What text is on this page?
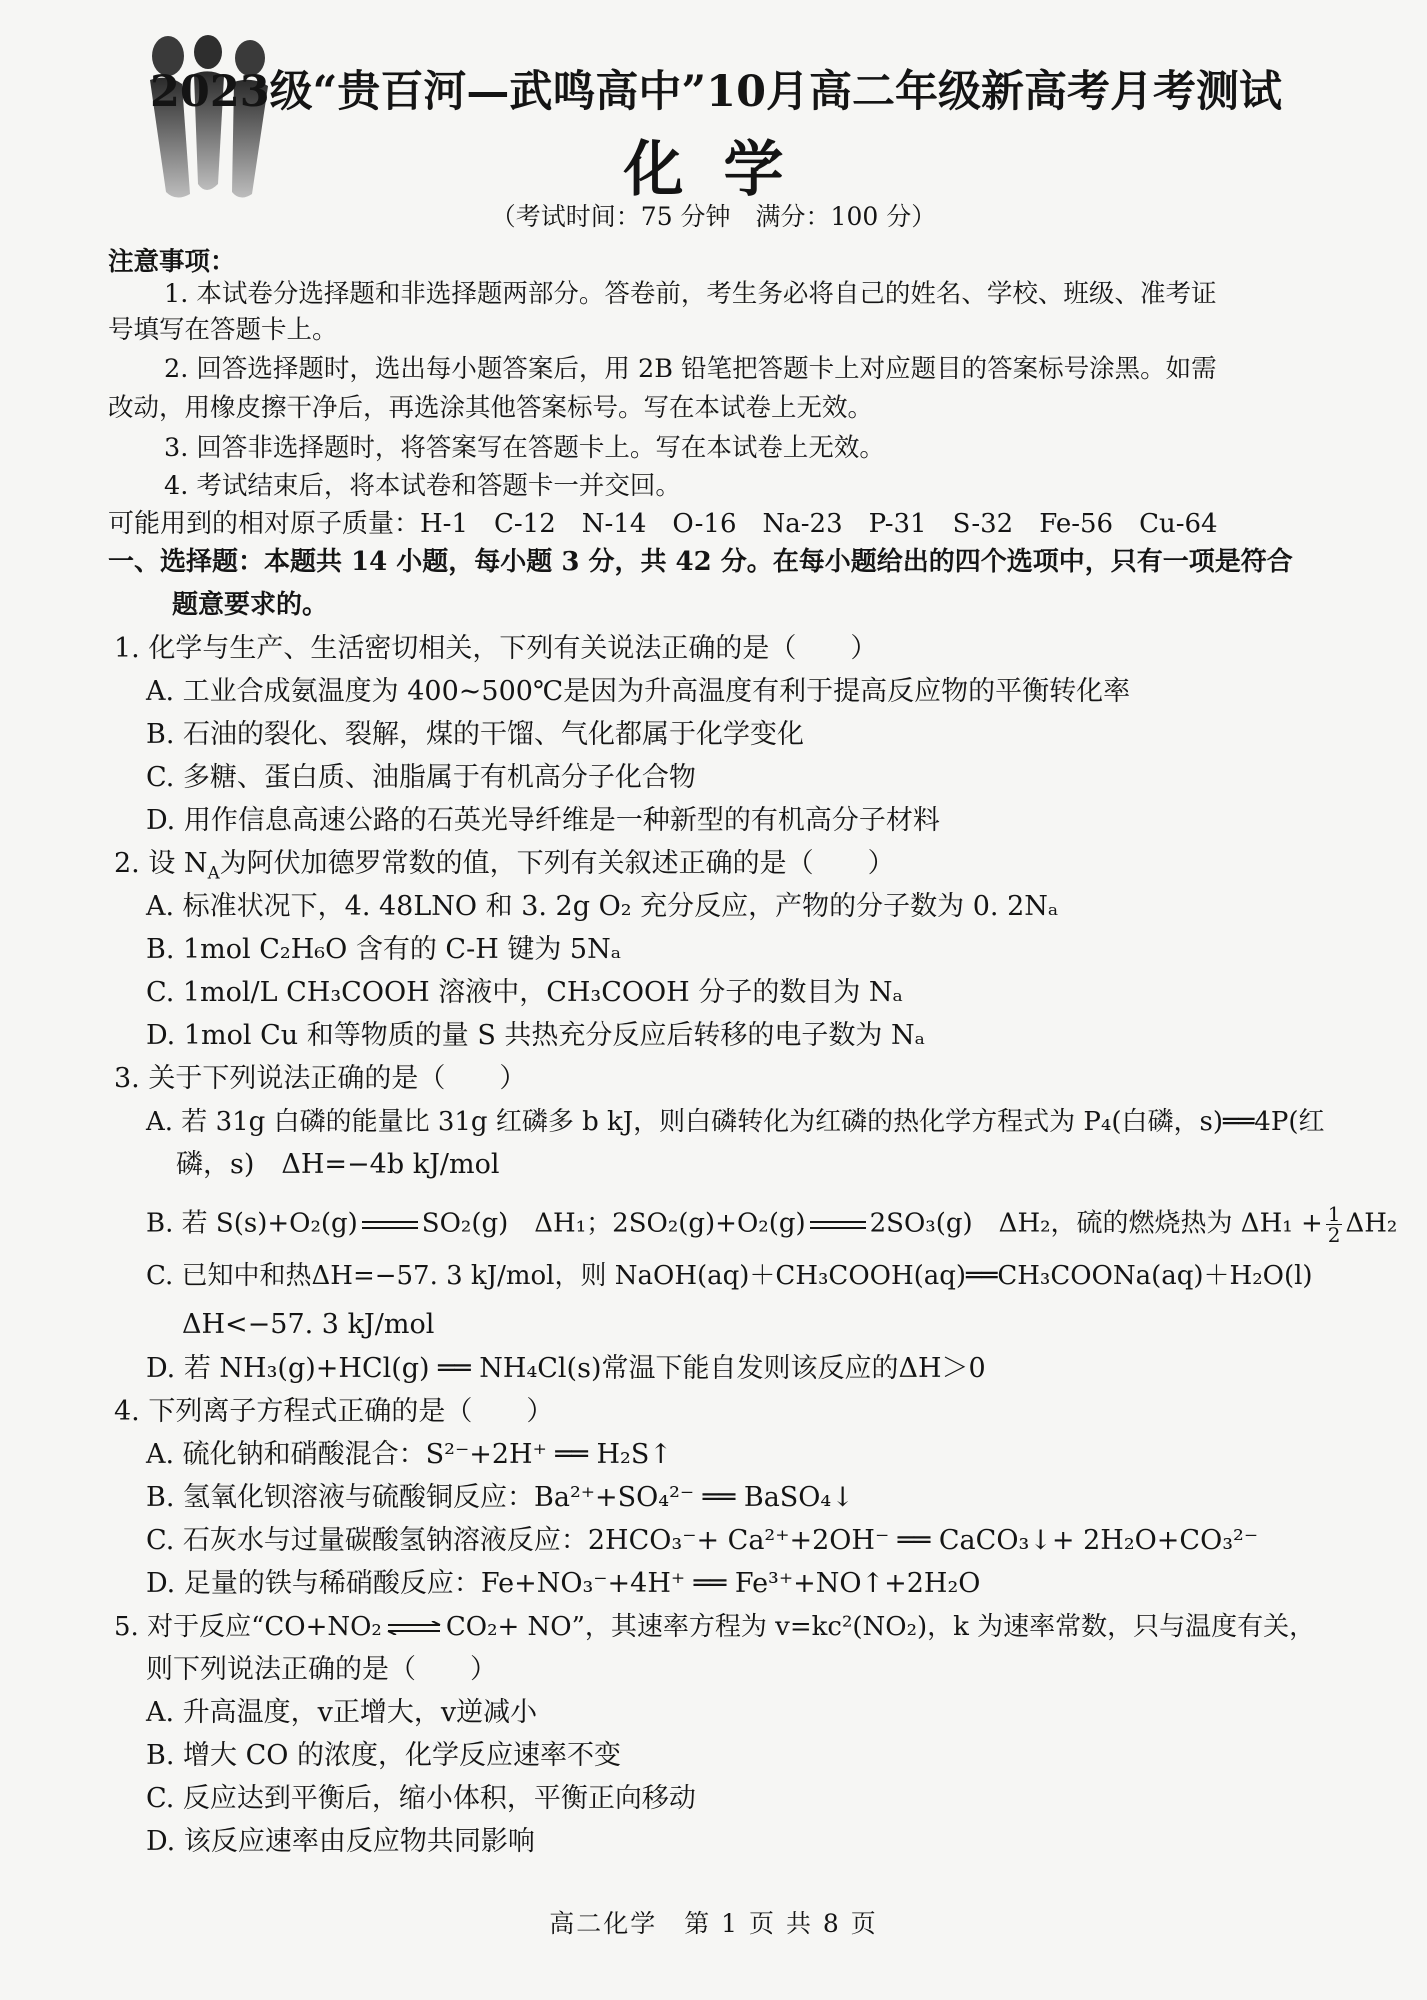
2023级“贵百河—武鸣高中”10月高二年级新高考月考测试
化学
（考试时间：75 分钟　满分：100 分）
注意事项：
1. 本试卷分选择题和非选择题两部分。答卷前，考生务必将自己的姓名、学校、班级、准考证
号填写在答题卡上。
2. 回答选择题时，选出每小题答案后，用 2B 铅笔把答题卡上对应题目的答案标号涂黑。如需
改动，用橡皮擦干净后，再选涂其他答案标号。写在本试卷上无效。
3. 回答非选择题时，将答案写在答题卡上。写在本试卷上无效。
4. 考试结束后，将本试卷和答题卡一并交回。
可能用到的相对原子质量：H-1　C-12　N-14　O-16　Na-23　P-31　S-32　Fe-56　Cu-64
一、选择题：本题共 14 小题，每小题 3 分，共 42 分。在每小题给出的四个选项中，只有一项是符合
题意要求的。
1. 化学与生产、生活密切相关，下列有关说法正确的是（　　）
A. 工业合成氨温度为 400~500℃是因为升高温度有利于提高反应物的平衡转化率
B. 石油的裂化、裂解，煤的干馏、气化都属于化学变化
C. 多糖、蛋白质、油脂属于有机高分子化合物
D. 用作信息高速公路的石英光导纤维是一种新型的有机高分子材料
2. 设 $N_A$为阿伏加德罗常数的值，下列有关叙述正确的是（　　）
A. 标准状况下，4. 48LNO 和 3. 2g O₂ 充分反应，产物的分子数为 0. 2Nₐ
B. 1mol C₂H₆O 含有的 C-H 键为 5Nₐ
C. 1mol/L CH₃COOH 溶液中，CH₃COOH 分子的数目为 Nₐ
D. 1mol Cu 和等物质的量 S 共热充分反应后转移的电子数为 Nₐ
3. 关于下列说法正确的是（　　）
A. 若 31g 白磷的能量比 31g 红磷多 b kJ，则白磷转化为红磷的热化学方程式为 P₄(白磷，s)══4P(红
磷，s)　ΔH=−4b kJ/mol
B. 若 S(s)+O₂(g) SO₂(g)　ΔH₁；2SO₂(g)+O₂(g) 2SO₃(g)　ΔH₂，硫的燃烧热为 $\Delta H_1 + \frac{1}{2} \Delta H_2$
C. 已知中和热ΔH=−57. 3 kJ/mol，则 NaOH(aq)＋CH₃COOH(aq)══CH₃COONa(aq)＋H₂O(l)
ΔH<−57. 3 kJ/mol
D. 若 NH₃(g)+HCl(g) ══ NH₄Cl(s)常温下能自发则该反应的ΔH＞0
4. 下列离子方程式正确的是（　　）
A. 硫化钠和硝酸混合：S²⁻+2H⁺ ══ H₂S↑
B. 氢氧化钡溶液与硫酸铜反应：Ba²⁺+SO₄²⁻ ══ BaSO₄↓
C. 石灰水与过量碳酸氢钠溶液反应：2HCO₃⁻+ Ca²⁺+2OH⁻ ══ CaCO₃↓+ 2H₂O+CO₃²⁻
D. 足量的铁与稀硝酸反应：Fe+NO₃⁻+4H⁺ ══ Fe³⁺+NO↑+2H₂O
5. 对于反应“CO+NO₂ ⇌ CO₂+ NO”，其速率方程为 v=kc²(NO₂)，k 为速率常数，只与温度有关，
则下列说法正确的是（　　）
A. 升高温度，v正增大，v逆减小
B. 增大 CO 的浓度，化学反应速率不变
C. 反应达到平衡后，缩小体积，平衡正向移动
D. 该反应速率由反应物共同影响
高二化学　第 1 页 共 8 页
